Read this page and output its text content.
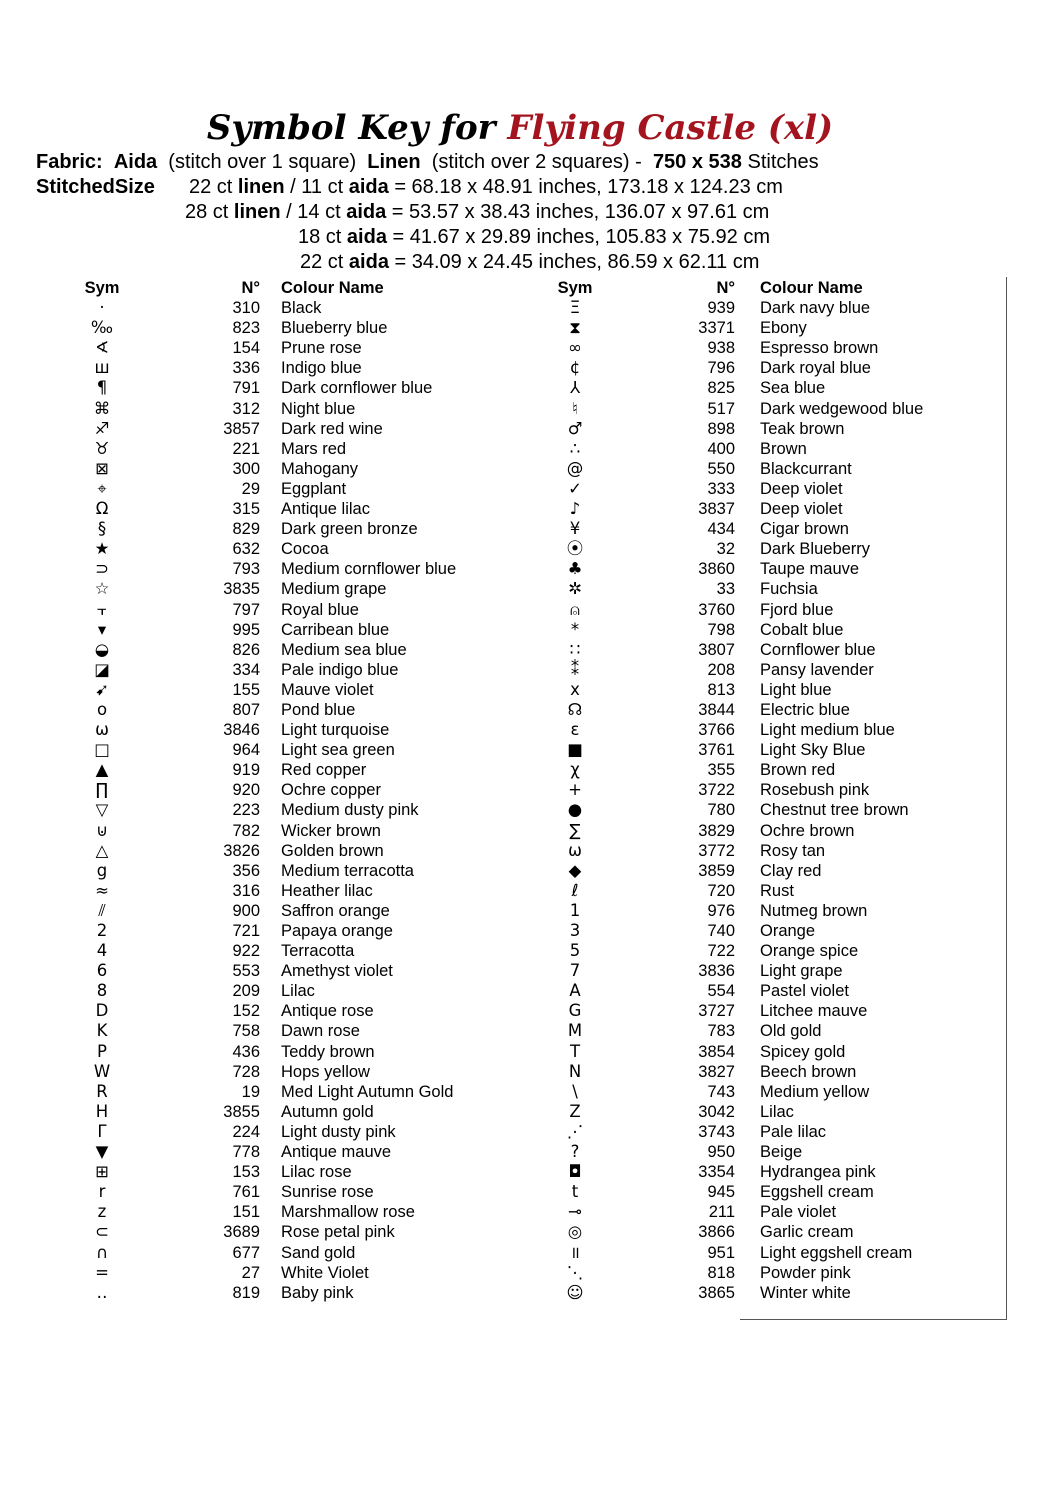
Symbol Key for Flying Castle (xl)
Fabric: Aida (stitch over 1 square) Linen (stitch over 2 squares) - 750 x 538 Stitches
StitchedSize 22 ct linen / 11 ct aida = 68.18 x 48.91 inches, 173.18 x 124.23 cm
28 ct linen / 14 ct aida = 53.57 x 38.43 inches, 136.07 x 97.61 cm
18 ct aida = 41.67 x 29.89 inches, 105.83 x 75.92 cm
22 ct aida = 34.09 x 24.45 inches, 86.59 x 62.11 cm
Sym	N° Colour Name
·	310 Black
‰	823 Blueberry blue
∢	154 Prune rose
ш	336 Indigo blue
¶	791 Dark cornflower blue
⌘	312 Night blue
♐	3857 Dark red wine
♉	221 Mars red
⊠	300 Mahogany
⌖	29 Eggplant
Ω	315 Antique lilac
§	829 Dark green bronze
★	632 Cocoa
⊃	793 Medium cornflower blue
☆	3835 Medium grape
⫟	797 Royal blue
▾	995 Carribean blue
◒	826 Medium sea blue
◪	334 Pale indigo blue
➹	155 Mauve violet
o	807 Pond blue
ω	3846 Light turquoise
□	964 Light sea green
▲	919 Red copper
∏	920 Ochre copper
▽	223 Medium dusty pink
⊍	782 Wicker brown
△	3826 Golden brown
g	356 Medium terracotta
≈	316 Heather lilac
⫽	900 Saffron orange
2	721 Papaya orange
4	922 Terracotta
6	553 Amethyst violet
8	209 Lilac
D	152 Antique rose
K	758 Dawn rose
P	436 Teddy brown
W	728 Hops yellow
R	19 Med Light Autumn Gold
H	3855 Autumn gold
Γ	224 Light dusty pink
▼	778 Antique mauve
⊞	153 Lilac rose
r	761 Sunrise rose
z	151 Marshmallow rose
⊂	3689 Rose petal pink
∩	677 Sand gold
=	27 White Violet
‥	819 Baby pink
Sym	N° Colour Name
Ξ	939 Dark navy blue
⧗	3371 Ebony
∞	938 Espresso brown
¢	796 Dark royal blue
⅄	825 Sea blue
♮	517 Dark wedgewood blue
♂	898 Teak brown
∴	400 Brown
@	550 Blackcurrant
✓	333 Deep violet
♪	3837 Deep violet
¥	434 Cigar brown
⦿	32 Dark Blueberry
♣	3860 Taupe mauve
✲	33 Fuchsia
⍝	3760 Fjord blue
*	798 Cobalt blue
∷	3807 Cornflower blue
⁑	208 Pansy lavender
x	813 Light blue
☊	3844 Electric blue
ε	3766 Light medium blue
■	3761 Light Sky Blue
χ	355 Brown red
+	3722 Rosebush pink
●	780 Chestnut tree brown
∑	3829 Ochre brown
ω	3772 Rosy tan
◆	3859 Clay red
ℓ	720 Rust
1	976 Nutmeg brown
3	740 Orange
5	722 Orange spice
7	3836 Light grape
A	554 Pastel violet
G	3727 Litchee mauve
M	783 Old gold
T	3854 Spicey gold
N	3827 Beech brown
\	743 Medium yellow
Z	3042 Lilac
⋰	3743 Pale lilac
?	950 Beige
◘	3354 Hydrangea pink
t	945 Eggshell cream
⊸	211 Pale violet
◎	3866 Garlic cream
॥	951 Light eggshell cream
⋱	818 Powder pink
☺	3865 Winter white
